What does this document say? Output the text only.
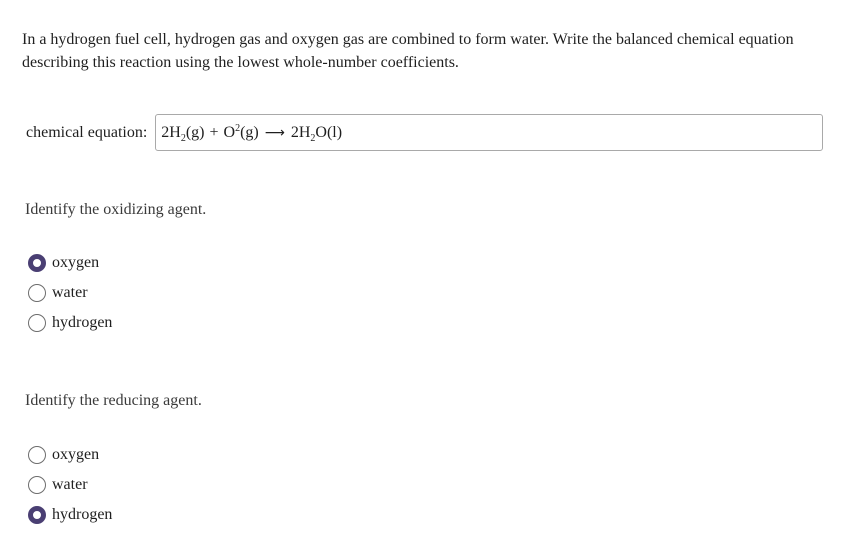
In a hydrogen fuel cell, hydrogen gas and oxygen gas are combined to form water. Write the balanced chemical equation describing this reaction using the lowest whole-number coefficients.
chemical equation: $2H_2(g) + O^2(g)$ ⟶ $2H_2O(l)$
Identify the oxidizing agent.
oxygen
water
hydrogen
Identify the reducing agent.
oxygen
water
hydrogen
